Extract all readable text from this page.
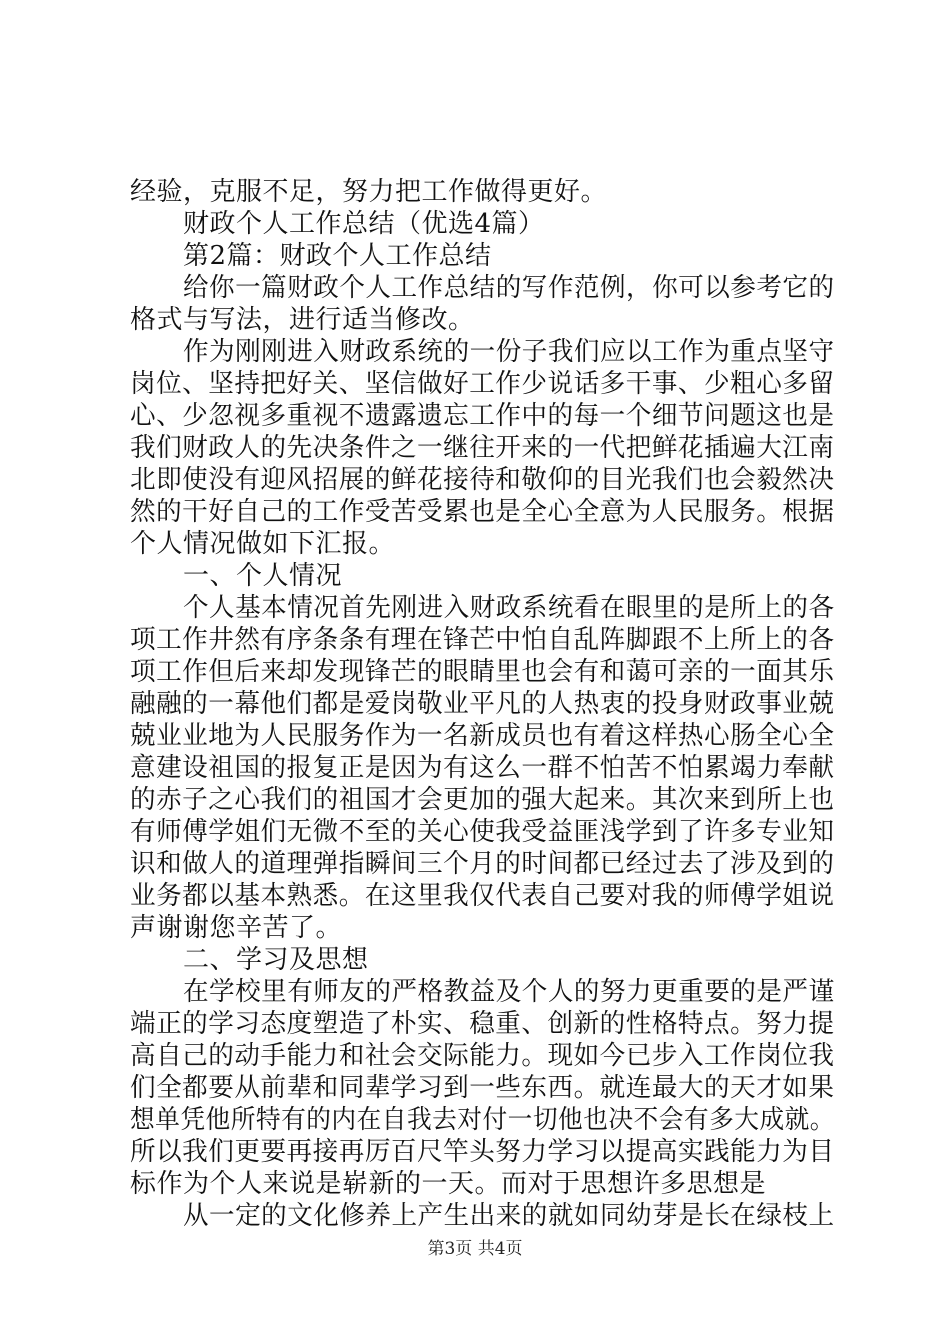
经验，克服不足，努力把工作做得更好。
财政个人工作总结（优选4篇）
第2篇：财政个人工作总结
给你一篇财政个人工作总结的写作范例，你可以参考它的
格式与写法，进行适当修改。
作为刚刚进入财政系统的一份子我们应以工作为重点坚守
岗位、坚持把好关、坚信做好工作少说话多干事、少粗心多留
心、少忽视多重视不遗露遗忘工作中的每一个细节问题这也是
我们财政人的先决条件之一继往开来的一代把鲜花插遍大江南
北即使没有迎风招展的鲜花接待和敬仰的目光我们也会毅然决
然的干好自己的工作受苦受累也是全心全意为人民服务。根据
个人情况做如下汇报。
一、个人情况
个人基本情况首先刚进入财政系统看在眼里的是所上的各
项工作井然有序条条有理在锋芒中怕自乱阵脚跟不上所上的各
项工作但后来却发现锋芒的眼睛里也会有和蔼可亲的一面其乐
融融的一幕他们都是爱岗敬业平凡的人热衷的投身财政事业兢
兢业业地为人民服务作为一名新成员也有着这样热心肠全心全
意建设祖国的报复正是因为有这么一群不怕苦不怕累竭力奉献
的赤子之心我们的祖国才会更加的强大起来。其次来到所上也
有师傅学姐们无微不至的关心使我受益匪浅学到了许多专业知
识和做人的道理弹指瞬间三个月的时间都已经过去了涉及到的
业务都以基本熟悉。在这里我仅代表自己要对我的师傅学姐说
声谢谢您辛苦了。
二、学习及思想
在学校里有师友的严格教益及个人的努力更重要的是严谨
端正的学习态度塑造了朴实、稳重、创新的性格特点。努力提
高自己的动手能力和社会交际能力。现如今已步入工作岗位我
们全都要从前辈和同辈学习到一些东西。就连最大的天才如果
想单凭他所特有的内在自我去对付一切他也决不会有多大成就。
所以我们更要再接再厉百尺竿头努力学习以提高实践能力为目
标作为个人来说是崭新的一天。而对于思想许多思想是
从一定的文化修养上产生出来的就如同幼芽是长在绿枝上
第3页 共4页
